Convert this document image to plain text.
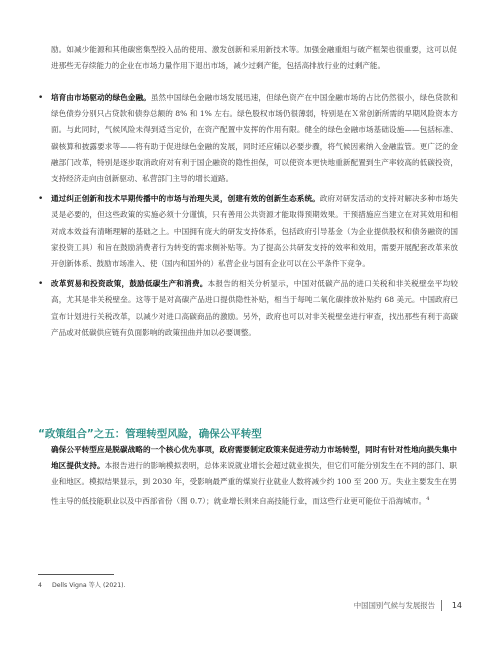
励。如减少能源和其他碳密集型投入品的使用、激发创新和采用新技术等。加强金融重组与破产框架也很重要，这可以促进那些无存续能力的企业在市场力量作用下退出市场，减少过剩产能，包括高排放行业的过剩产能。

• 培育由市场驱动的绿色金融。虽然中国绿色金融市场发展迅速，但绿色资产在中国金融市场的占比仍然很小，绿色贷款和绿色债券分别只占贷款和债券总额的 8% 和 1% 左右。绿色股权市场仍很薄弱，特别是在Ｘ常创新所需的早期风险资本方面。与此同时，气候风险未得到适当定价，在资产配置中发挥的作用有限。健全的绿色金融市场基础设施——包括标准、碳核算和披露要求等——将有助于促进绿色金融的发展，同时还应辅以必要步骤，将气候因素纳入金融监管。更广泛的金融部门改革，特别是逐步取消政府对有利于国企融资的隐性担保，可以使资本更快地重新配置到生产率较高的低碳投资，支持经济走向由创新驱动、私营部门主导的增长道路。
• 通过纠正创新和技术早期传播中的市场与治理失灵，创建有效的创新生态系统。政府对研发活动的支持对解决多种市场失灵是必要的，但这些政策的实施必须十分谨慎，只有善用公共资源才能取得预期效果。干预措施应当建立在对其效用和相对成本效益有清晰理解的基础之上。中国拥有庞大的研发支持体系，包括政府引导基金（为企业提供股权和债务融资的国家投资工具）和旨在鼓励消费者行为转变的需求侧补贴等。为了提高公共研发支持的效率和效用，需要开展配套改革来放开创新体系、鼓励市场准入、使（国内和国外的）私营企业与国有企业可以在公平条件下竞争。
• 改革贸易和投资政策，鼓励低碳生产和消费。本报告的相关分析显示，中国对低碳产品的进口关税和非关税壁垒平均较高，尤其是非关税壁垒。这等于是对高碳产品进口提供隐性补贴，相当于每吨二氧化碳排放补贴约 68 美元。中国政府已宣布计划进行关税改革，以减少对进口高碳商品的激励。另外，政府也可以对非关税壁垒进行审查，找出那些有利于高碳产品或对低碳供应链有负面影响的政策扭曲并加以必要调整。
“政策组合”之五：管理转型风险，确保公平转型

确保公平转型应是脱碳战略的一个核心优先事项，政府需要制定政策来促进劳动力市场转型，同时有针对性地向损失集中地区提供支持。本报告进行的影响模拟表明，总体来说就业增长会超过就业损失，但它们可能分别发生在不同的部门、职业和地区。模拟结果显示，到 2030 年，受影响最严重的煤炭行业就业人数将减少约 100 至 200 万。失业主要发生在男性主导的低技能职业以及中西部省份（图 0.7）；就业增长则来自高技能行业，而这些行业更可能位于沿海城市。$^4$

4 Dells Vigna 等人 (2021).
中国国别气候与发展报告 14
